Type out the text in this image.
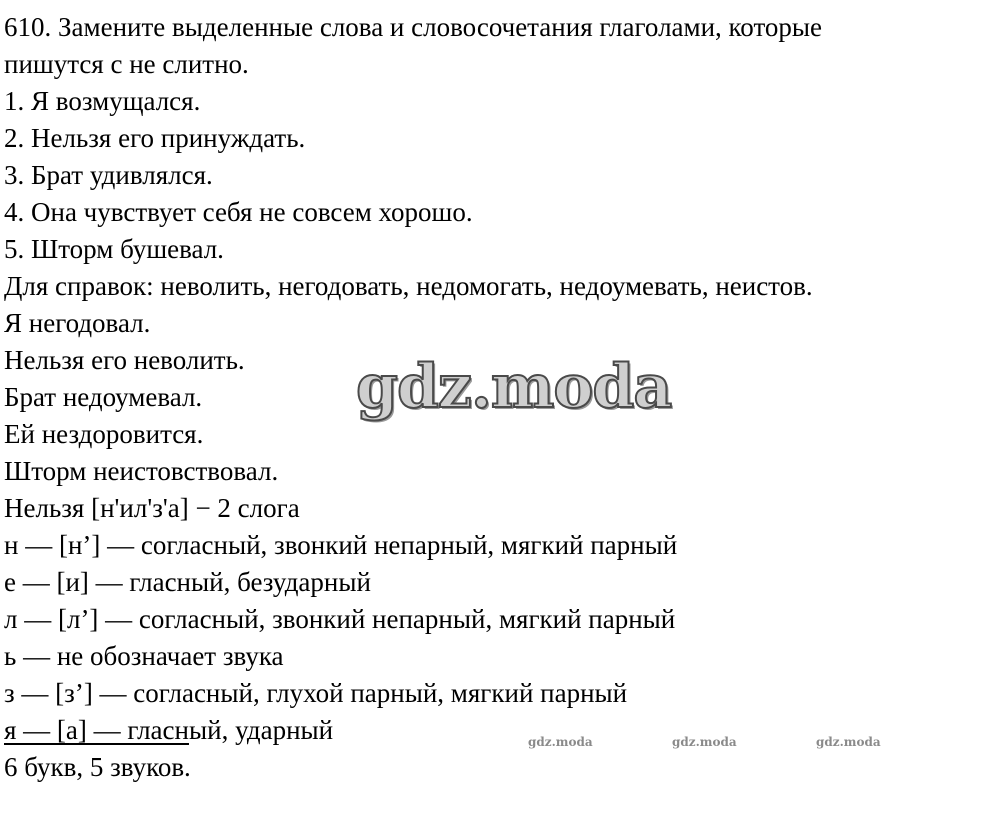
610. Замените выделенные слова и словосочетания глаголами, которые
пишутся с не слитно.
1. Я возмущался.
2. Нельзя его принуждать.
3. Брат удивлялся.
4. Она чувствует себя не совсем хорошо.
5. Шторм бушевал.
Для справок: неволить, негодовать, недомогать, недоумевать, неистов.
Я негодовал.
Нельзя его неволить.
Брат недоумевал.
Ей нездоровится.
Шторм неистовствовал.
Нельзя [н'ил'з'а] − 2 слога
н — [н’] — согласный, звонкий непарный, мягкий парный
е — [и] — гласный, безударный
л — [л’] — согласный, звонкий непарный, мягкий парный
ь — не обозначает звука
з — [з’] — согласный, глухой парный, мягкий парный
я — [а] — гласный, ударный
6 букв, 5 звуков.
gdz.moda
gdz.moda	gdz.moda	gdz.moda
